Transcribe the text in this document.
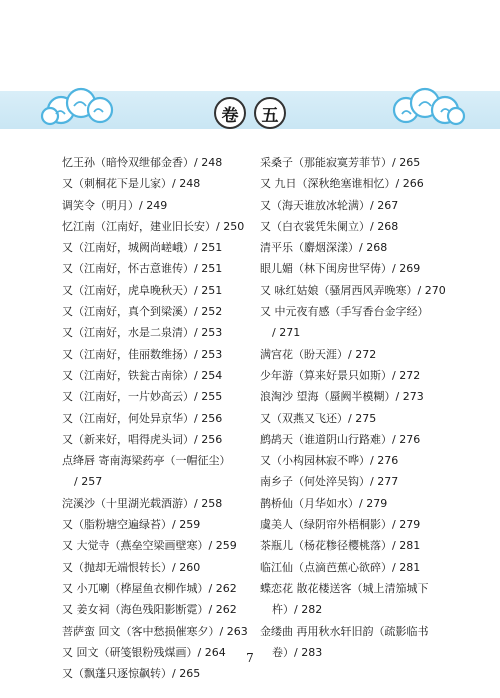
卷	五
忆王孙（暗怜双绁郁金香）/ 248
又（刺桐花下是儿家）/ 248
调笑令（明月）/ 249
忆江南（江南好，建业旧长安）/ 250
又（江南好，城阙尚嵯峨）/ 251
又（江南好，怀古意谁传）/ 251
又（江南好，虎阜晚秋天）/ 251
又（江南好，真个到梁溪）/ 252
又（江南好，水是二泉清）/ 253
又（江南好，佳丽数维扬）/ 253
又（江南好，铁瓮古南徐）/ 254
又（江南好，一片妙高云）/ 255
又（江南好，何处异京华）/ 256
又（新来好，唱得虎头词）/ 256
点绛唇 寄南海梁药亭（一帽征尘）
/ 257
浣溪沙（十里湖光载酒游）/ 258
又（脂粉塘空遍绿苔）/ 259
又 大觉寺（燕垒空梁画壁寒）/ 259
又（抛却无端恨转长）/ 260
又 小兀喇（桦屋鱼衣柳作城）/ 262
又 姜女祠（海色残阳影断霓）/ 262
菩萨蛮 回文（客中愁损催寒夕）/ 263
又 回文（研笺银粉残煤画）/ 264
又（飘蓬只逐惊飙转）/ 265
采桑子（那能寂寞芳菲节）/ 265
又 九日（深秋绝塞谁相忆）/ 266
又（海天谁放冰轮满）/ 267
又（白衣裳凭朱阑立）/ 268
清平乐（麝烟深漾）/ 268
眼儿媚（林下闺房世罕俦）/ 269
又 咏红姑娘（骚屑西风弄晚寒）/ 270
又 中元夜有感（手写香台金字经）
/ 271
满宫花（盼天涯）/ 272
少年游（算来好景只如斯）/ 272
浪淘沙 望海（蜃阙半模糊）/ 273
又（双燕又飞还）/ 275
鹧鸪天（谁道阴山行路难）/ 276
又（小构园林寂不哗）/ 276
南乡子（何处淬吴钩）/ 277
鹊桥仙（月华如水）/ 279
虞美人（绿阴帘外梧桐影）/ 279
茶瓶儿（杨花糁径樱桃落）/ 281
临江仙（点滴芭蕉心欲碎）/ 281
蝶恋花 散花楼送客（城上清笳城下
杵）/ 282
金缕曲 再用秋水轩旧韵（疏影临书
卷）/ 283
7
